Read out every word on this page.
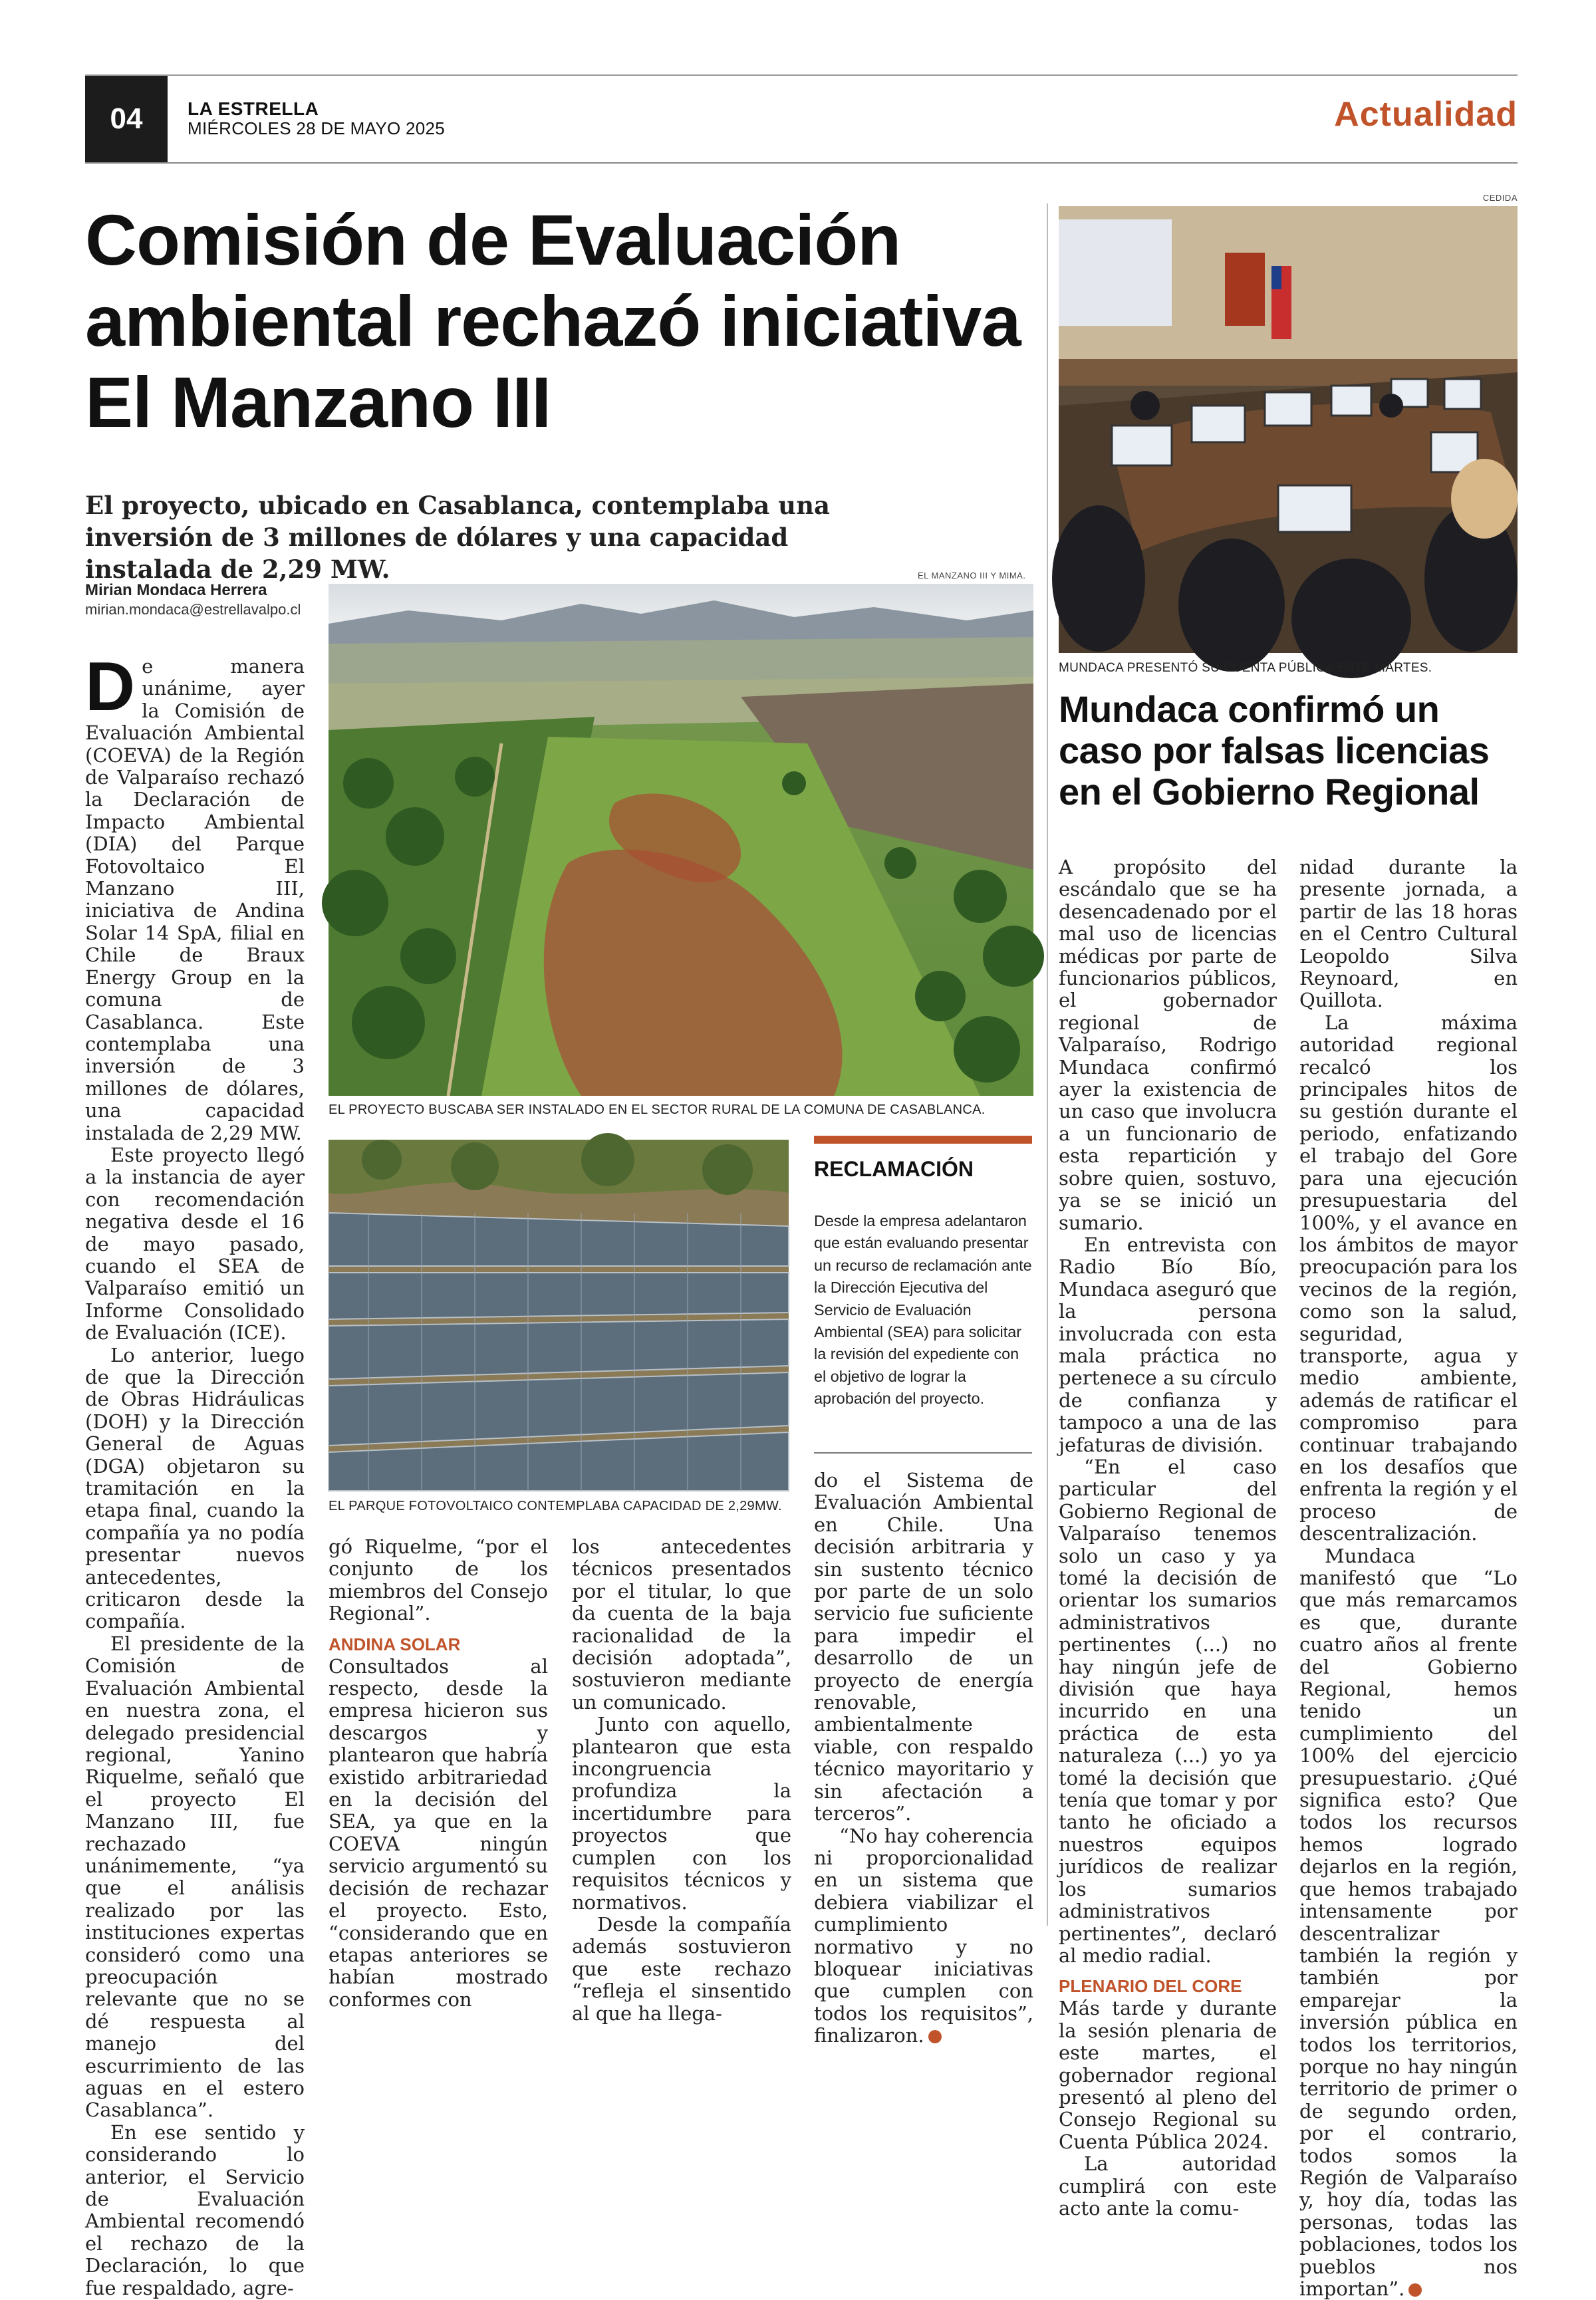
04	LA ESTRELLA
MIÉRCOLES 28 DE MAYO 2025	Actualidad
Comisión de Evaluación ambiental rechazó iniciativa El Manzano III
El proyecto, ubicado en Casablanca, contemplaba una inversión de 3 millones de dólares y una capacidad instalada de 2,29 MW.
Mirian Mondaca Herrera
mirian.mondaca@estrellavalpo.cl
EL MANZANO III Y MIMA.
EL PROYECTO BUSCABA SER INSTALADO EN EL SECTOR RURAL DE LA COMUNA DE CASABLANCA.
EL PARQUE FOTOVOLTAICO CONTEMPLABA CAPACIDAD DE 2,29MW.
RECLAMACIÓN
Desde la empresa adelantaron que están evaluando presentar un recurso de reclamación ante la Dirección Ejecutiva del Servicio de Evaluación Ambiental (SEA) para solicitar la revisión del expediente con el objetivo de lograr la aprobación del proyecto.

De manera unánime, ayer la Comisión de Evaluación Ambiental (COEVA) de la Región de Valparaíso rechazó la Declaración de Impacto Ambiental (DIA) del Parque Fotovoltaico El Manzano III, iniciativa de Andina Solar 14 SpA, filial en Chile de Braux Energy Group en la comuna de Casablanca. Este contemplaba una inversión de 3 millones de dólares, una capacidad instalada de 2,29 MW.

Este proyecto llegó a la instancia de ayer con recomendación negativa desde el 16 de mayo pasado, cuando el SEA de Valparaíso emitió un Informe Consolidado de Evaluación (ICE).

Lo anterior, luego de que la Dirección de Obras Hidráulicas (DOH) y la Dirección General de Aguas (DGA) objetaron su tramitación en la etapa final, cuando la compañía ya no podía presentar nuevos antecedentes, criticaron desde la compañía.

El presidente de la Comisión de Evaluación Ambiental en nuestra zona, el delegado presidencial regional, Yanino Riquelme, señaló que el proyecto El Manzano III, fue rechazado unánimemente, “ya que el análisis realizado por las instituciones expertas consideró como una preocupación relevante que no se dé respuesta al manejo del escurrimiento de las aguas en el estero Casablanca”.

En ese sentido y considerando lo anterior, el Servicio de Evaluación Ambiental recomendó el rechazo de la Declaración, lo que fue respaldado, agre-

gó Riquelme, “por el conjunto de los miembros del Consejo Regional”.

ANDINA SOLAR

Consultados al respecto, desde la empresa hicieron sus descargos y plantearon que habría existido arbitrariedad en la decisión del SEA, ya que en la COEVA ningún servicio argumentó su decisión de rechazar el proyecto. Esto, “considerando que en etapas anteriores se habían mostrado conformes con

los antecedentes técnicos presentados por el titular, lo que da cuenta de la baja racionalidad de la decisión adoptada”, sostuvieron mediante un comunicado.

Junto con aquello, plantearon que esta incongruencia profundiza la incertidumbre para proyectos que cumplen con los requisitos técnicos y normativos.

Desde la compañía además sostuvieron que este rechazo “refleja el sinsentido al que ha llega-

do el Sistema de Evaluación Ambiental en Chile. Una decisión arbitraria y sin sustento técnico por parte de un solo servicio fue suficiente para impedir el desarrollo de un proyecto de energía renovable, ambientalmente viable, con respaldo técnico mayoritario y sin afectación a terceros”.

“No hay coherencia ni proporcionalidad en un sistema que debiera viabilizar el cumplimiento normativo y no bloquear iniciativas que cumplen con todos los requisitos”, finalizaron.	+

CEDIDA
MUNDACA PRESENTÓ SU CUENTA PÚBLICA ESTE MARTES.
Mundaca confirmó un caso por falsas licencias en el Gobierno Regional

A propósito del escándalo que se ha desencadenado por el mal uso de licencias médicas por parte de funcionarios públicos, el gobernador regional de Valparaíso, Rodrigo Mundaca confirmó ayer la existencia de un caso que involucra a un funcionario de esta repartición y sobre quien, sostuvo, ya se se inició un sumario.

En entrevista con Radio Bío Bío, Mundaca aseguró que la persona involucrada con esta mala práctica no pertenece a su círculo de confianza y tampoco a una de las jefaturas de división.

“En el caso particular del Gobierno Regional de Valparaíso tenemos solo un caso y ya tomé la decisión de orientar los sumarios administrativos pertinentes (...) no hay ningún jefe de división que haya incurrido en una práctica de esta naturaleza (...) yo ya tomé la decisión que tenía que tomar y por tanto he oficiado a nuestros equipos jurídicos de realizar los sumarios administrativos pertinentes”, declaró al medio radial.

PLENARIO DEL CORE

Más tarde y durante la sesión plenaria de este martes, el gobernador regional presentó al pleno del Consejo Regional su Cuenta Pública 2024.

La autoridad cumplirá con este acto ante la comu-

nidad durante la presente jornada, a partir de las 18 horas en el Centro Cultural Leopoldo Silva Reynoard, en Quillota.

La máxima autoridad regional recalcó los principales hitos de su gestión durante el periodo, enfatizando el trabajo del Gore para una ejecución presupuestaria del 100%, y el avance en los ámbitos de mayor preocupación para los vecinos de la región, como son la salud, seguridad, transporte, agua y medio ambiente, además de ratificar el compromiso para continuar trabajando en los desafíos que enfrenta la región y el proceso de descentralización.

Mundaca manifestó que “Lo que más remarcamos es que, durante cuatro años al frente del Gobierno Regional, hemos tenido un cumplimiento del 100% del ejercicio presupuestario. ¿Qué significa esto? Que todos los recursos hemos logrado dejarlos en la región, que hemos trabajado intensamente por descentralizar también la región y también por emparejar la inversión pública en todos los territorios, porque no hay ningún territorio de primer o de segundo orden, por el contrario, todos somos la Región de Valparaíso y, hoy día, todas las personas, todas las poblaciones, todos los pueblos nos importan”.	+
